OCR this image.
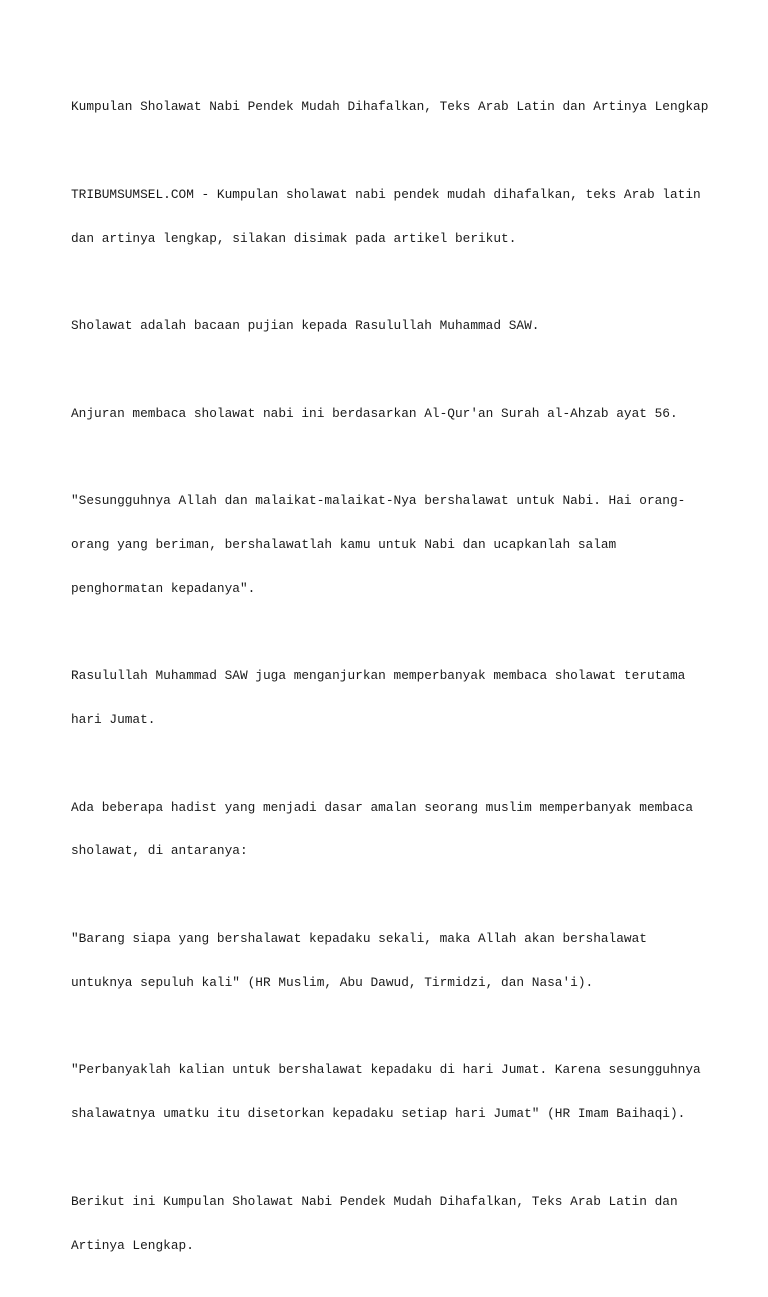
Kumpulan Sholawat Nabi Pendek Mudah Dihafalkan, Teks Arab Latin dan Artinya Lengkap

TRIBUMSUMSEL.COM - Kumpulan sholawat nabi pendek mudah dihafalkan, teks Arab latin

dan artinya lengkap, silakan disimak pada artikel berikut.

Sholawat adalah bacaan pujian kepada Rasulullah Muhammad SAW.

Anjuran membaca sholawat nabi ini berdasarkan Al-Qur'an Surah al-Ahzab ayat 56.

"Sesungguhnya Allah dan malaikat-malaikat-Nya bershalawat untuk Nabi. Hai orang-

orang yang beriman, bershalawatlah kamu untuk Nabi dan ucapkanlah salam

penghormatan kepadanya".

Rasulullah Muhammad SAW juga menganjurkan memperbanyak membaca sholawat terutama

hari Jumat.

Ada beberapa hadist yang menjadi dasar amalan seorang muslim memperbanyak membaca

sholawat, di antaranya:

"Barang siapa yang bershalawat kepadaku sekali, maka Allah akan bershalawat

untuknya sepuluh kali" (HR Muslim, Abu Dawud, Tirmidzi, dan Nasa'i).

"Perbanyaklah kalian untuk bershalawat kepadaku di hari Jumat. Karena sesungguhnya

shalawatnya umatku itu disetorkan kepadaku setiap hari Jumat" (HR Imam Baihaqi).

Berikut ini Kumpulan Sholawat Nabi Pendek Mudah Dihafalkan, Teks Arab Latin dan

Artinya Lengkap.
